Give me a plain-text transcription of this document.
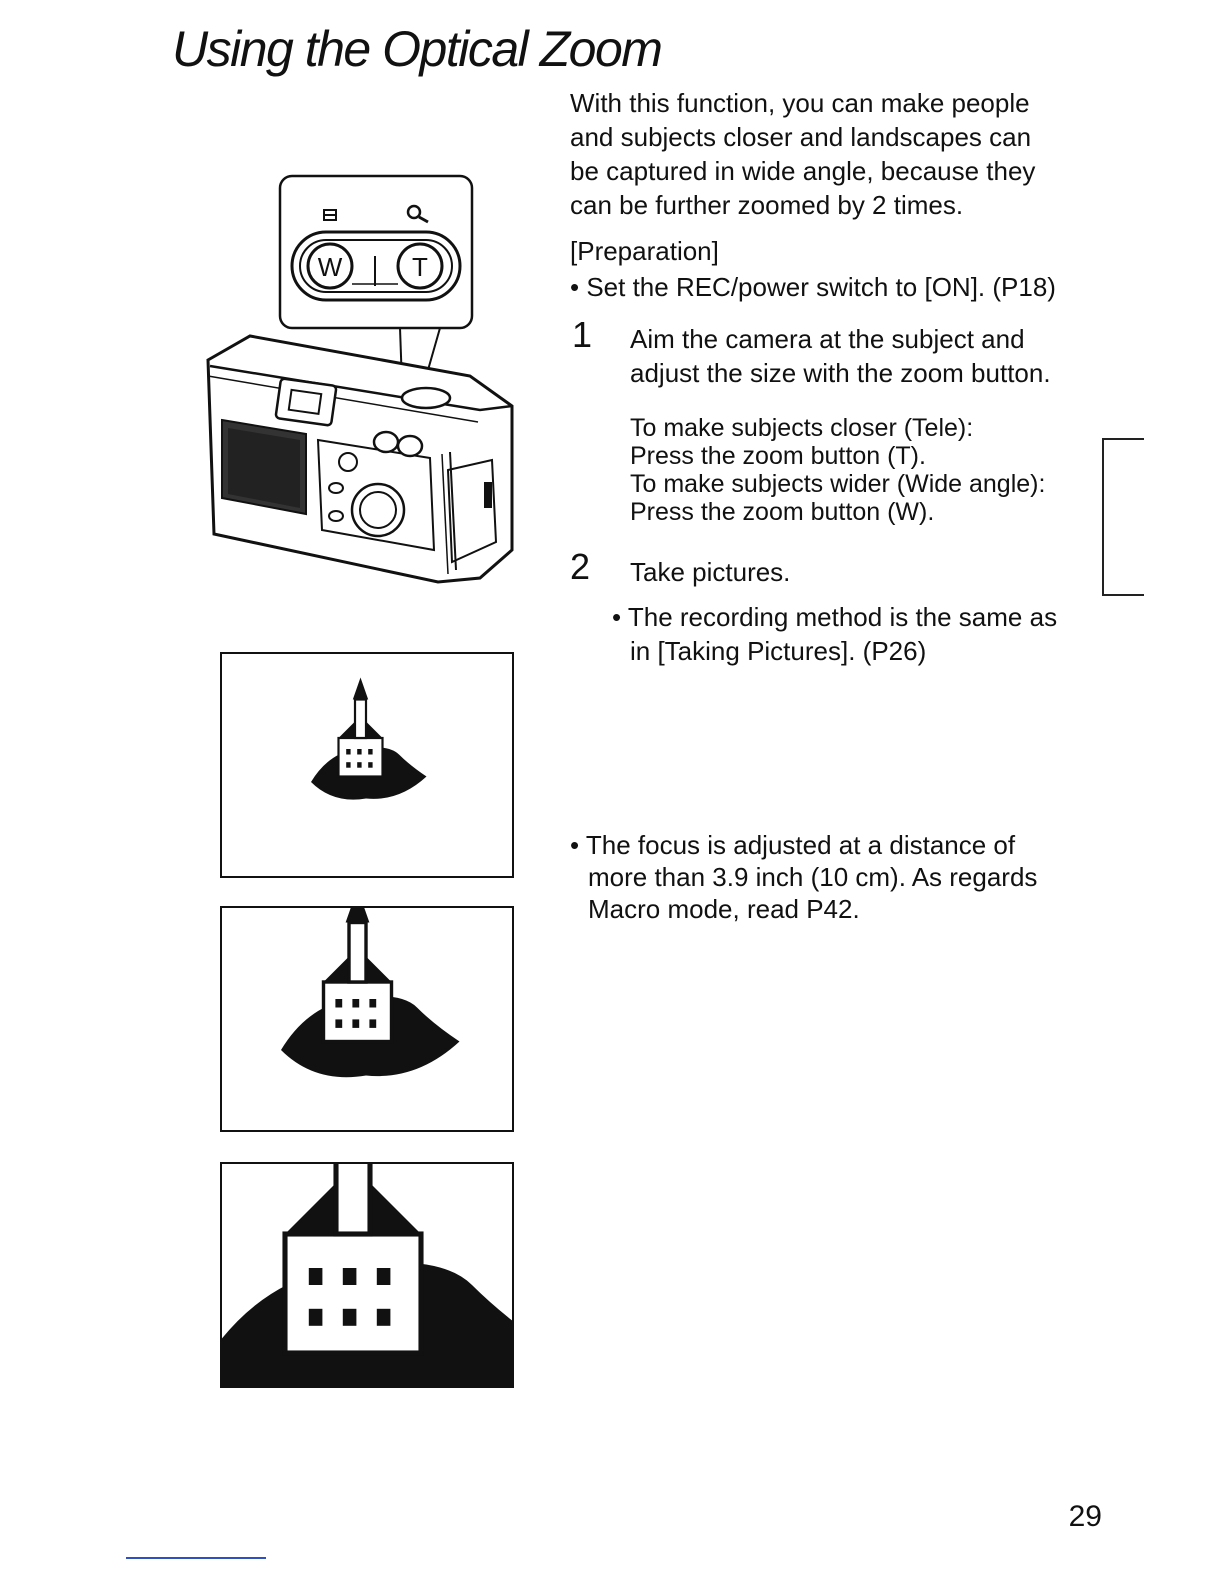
Using the Optical Zoom
With this function, you can make people
and subjects closer and landscapes can
be captured in wide angle, because they
can be further zoomed by 2 times.
[Preparation]
• Set the REC/power switch to [ON]. (P18)
1 Aim the camera at the subject and
adjust the size with the zoom button.
To make subjects closer (Tele):
Press the zoom button (T).
To make subjects wider (Wide angle):
Press the zoom button (W).
2 Take pictures.
• The recording method is the same as
in [Taking Pictures]. (P26)
• The focus is adjusted at a distance of
more than 3.9 inch (10 cm). As regards
Macro mode, read P42.
W	T
29
